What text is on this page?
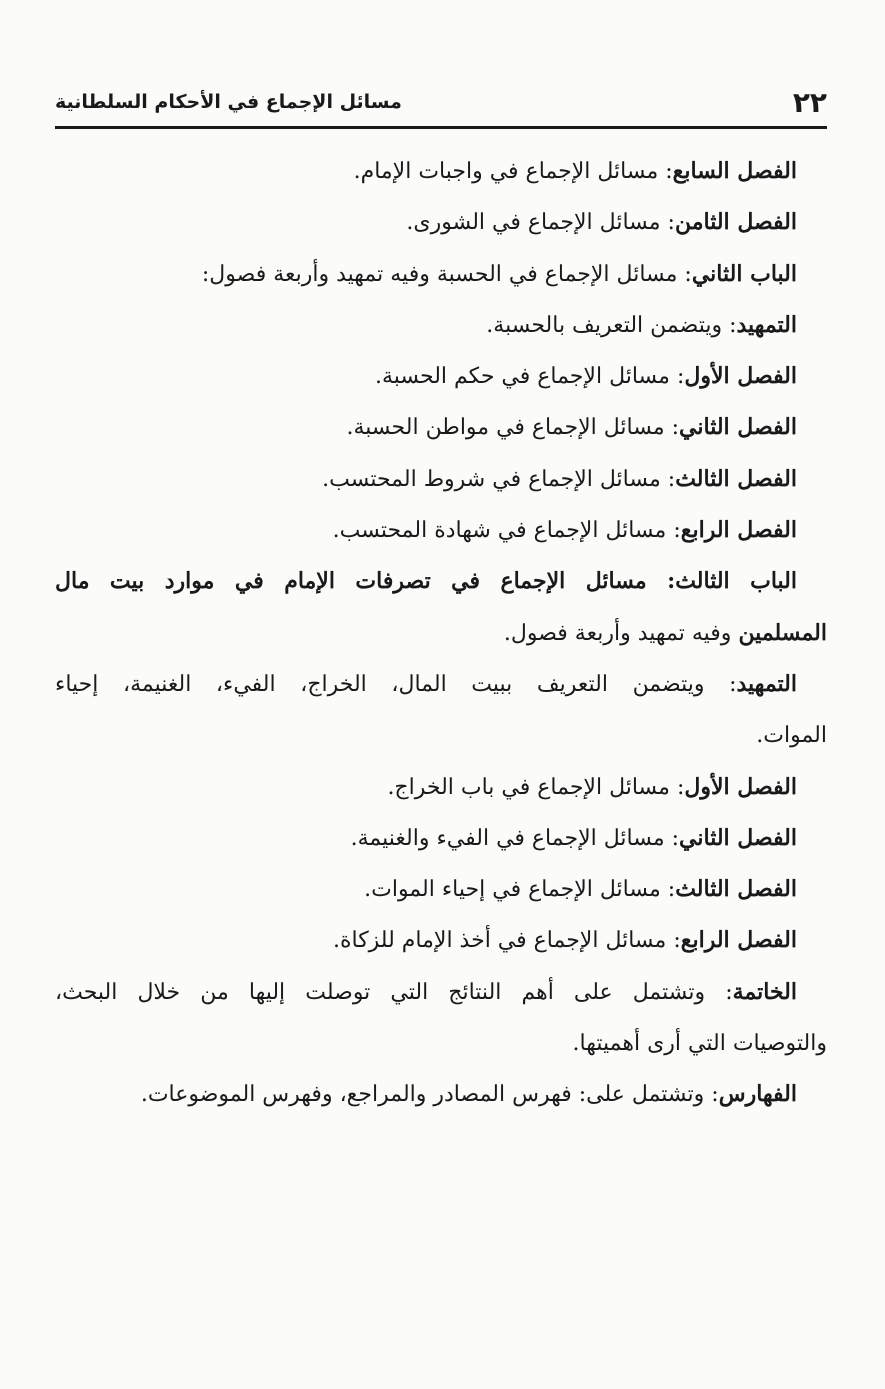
٢٢
مسائل الإجماع في الأحكام السلطانية
الفصل السابع: مسائل الإجماع في واجبات الإمام.
الفصل الثامن: مسائل الإجماع في الشورى.
الباب الثاني: مسائل الإجماع في الحسبة وفيه تمهيد وأربعة فصول:
التمهيد: ويتضمن التعريف بالحسبة.
الفصل الأول: مسائل الإجماع في حكم الحسبة.
الفصل الثاني: مسائل الإجماع في مواطن الحسبة.
الفصل الثالث: مسائل الإجماع في شروط المحتسب.
الفصل الرابع: مسائل الإجماع في شهادة المحتسب.
الباب الثالث: مسائل الإجماع في تصرفات الإمام في موارد بيت مال
المسلمين وفيه تمهيد وأربعة فصول.
التمهيد: ويتضمن التعريف ببيت المال، الخراج، الفيء، الغنيمة، إحياء
الموات.
الفصل الأول: مسائل الإجماع في باب الخراج.
الفصل الثاني: مسائل الإجماع في الفيء والغنيمة.
الفصل الثالث: مسائل الإجماع في إحياء الموات.
الفصل الرابع: مسائل الإجماع في أخذ الإمام للزكاة.
الخاتمة: وتشتمل على أهم النتائج التي توصلت إليها من خلال البحث،
والتوصيات التي أرى أهميتها.
الفهارس: وتشتمل على: فهرس المصادر والمراجع، وفهرس الموضوعات.
